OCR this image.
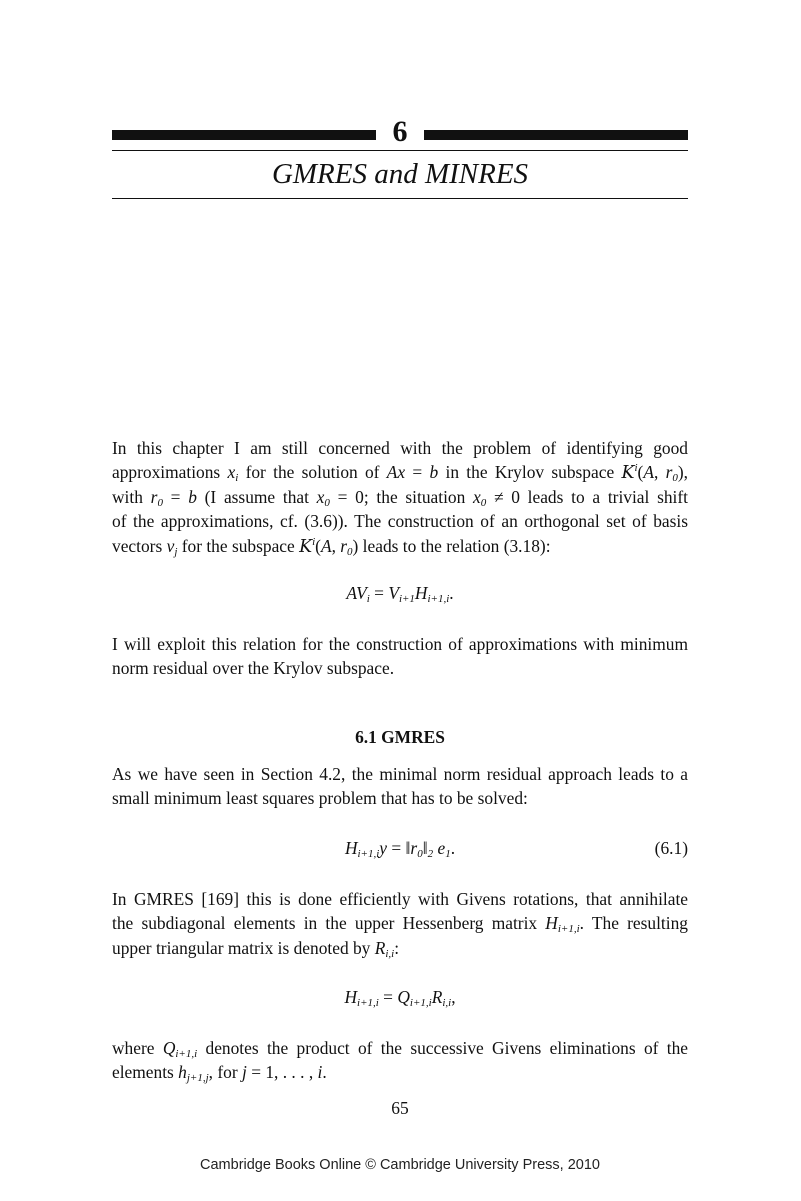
6
GMRES and MINRES
In this chapter I am still concerned with the problem of identifying good
approximations $x_i$ for the solution of Ax = b in the Krylov subspace $K^i(A$, $r_0$),
with $r_0 = b$ (I assume that $x_0 = 0$; the situation $x_0 \ne 0$ leads to a trivial shift
of the approximations, cf. (3.6)). The construction of an orthogonal set of basis
vectors $v_j$ for the subspace $K^i(A$, $r_0$) leads to the relation (3.18):
$AV_i = V_{i+1}H_{i+1,i}$.
I will exploit this relation for the construction of approximations with minimum
norm residual over the Krylov subspace.
6.1 GMRES
As we have seen in Section 4.2, the minimal norm residual approach leads to a
small minimum least squares problem that has to be solved:
$H_{i+1,i}y$ = $‖r_0‖_2$ $e_1$.	(6.1)
In GMRES [169] this is done efficiently with Givens rotations, that annihilate
the subdiagonal elements in the upper Hessenberg matrix $H_{i+1,i}$. The resulting
upper triangular matrix is denoted by $R_{i,i}$:
$H_{i+1,i} = Q_{i+1,i}R_{i,i}$,
where $Q_{i+1,i}$ denotes the product of the successive Givens eliminations of the
elements $h_{j+1,j}$, for j = 1, . . . , i.
65
Cambridge Books Online © Cambridge University Press, 2010
